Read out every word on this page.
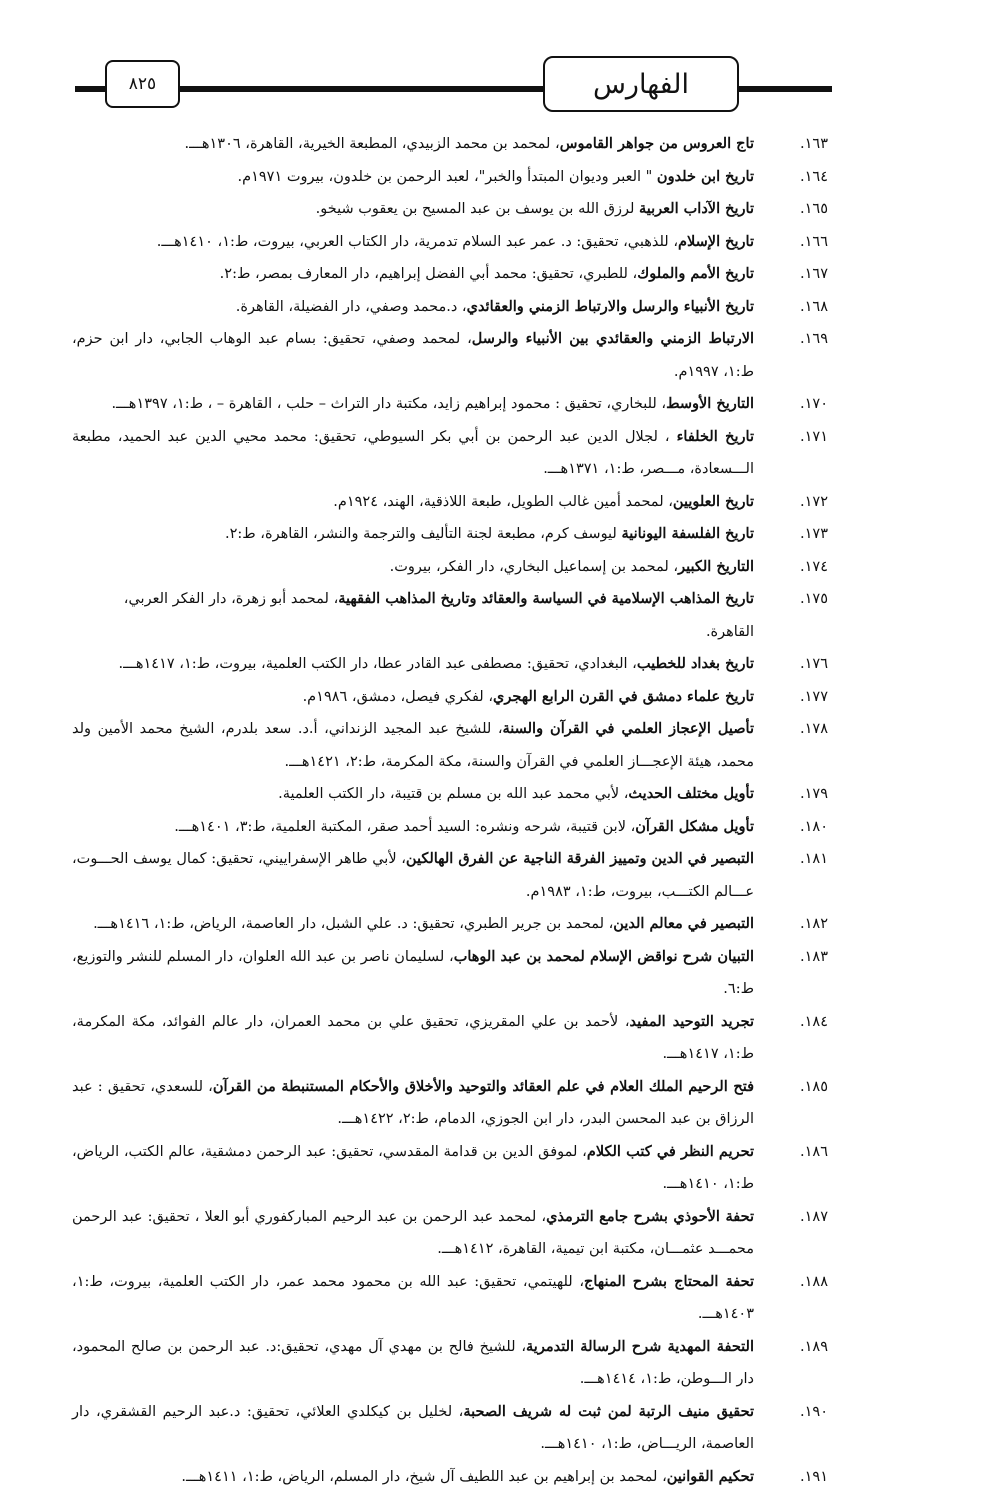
٨٢٥	الفهارس
١٦٣.
تاج العروس من جواهر القاموس، لمحمد بن محمد الزبيدي، المطبعة الخيرية، القاهرة، ١٣٠٦هـــ.
١٦٤.
تاريخ ابن خلدون " العبر وديوان المبتدأ والخبر"، لعبد الرحمن بن خلدون، بيروت ١٩٧١م.
١٦٥.
تاريخ الآداب العربية لرزق الله بن يوسف بن عبد المسيح بن يعقوب شيخو.
١٦٦.
تاريخ الإسلام، للذهبي، تحقيق: د. عمر عبد السلام تدمرية، دار الكتاب العربي، بيروت، ط:١، ١٤١٠هـــ.
١٦٧.
تاريخ الأمم والملوك، للطبري، تحقيق: محمد أبي الفضل إبراهيم، دار المعارف بمصر، ط:٢.
١٦٨.
تاريخ الأنبياء والرسل والارتباط الزمني والعقائدي، د.محمد وصفي، دار الفضيلة، القاهرة.
١٦٩.
الارتباط الزمني والعقائدي بين الأنبياء والرسل، لمحمد وصفي، تحقيق: بسام عبد الوهاب الجابي، دار ابن حزم، ط:١، ١٩٩٧م.
١٧٠.
التاريخ الأوسط، للبخاري، تحقيق : محمود إبراهيم زايد، مكتبة دار التراث – حلب ، القاهرة – ، ط:١، ١٣٩٧هـــ.
١٧١.
تاريخ الخلفاء ، لجلال الدين عبد الرحمن بن أبي بكر السيوطي، تحقيق: محمد محيي الدين عبد الحميد، مطبعة الـــسعادة، مـــصر، ط:١، ١٣٧١هـــ.
١٧٢.
تاريخ العلويين، لمحمد أمين غالب الطويل، طبعة اللاذقية، الهند، ١٩٢٤م.
١٧٣.
تاريخ الفلسفة اليونانية ليوسف كرم، مطبعة لجنة التأليف والترجمة والنشر، القاهرة، ط:٢.
١٧٤.
التاريخ الكبير، لمحمد بن إسماعيل البخاري، دار الفكر، بيروت.
١٧٥.
تاريخ المذاهب الإسلامية في السياسة والعقائد وتاريخ المذاهب الفقهية، لمحمد أبو زهرة، دار الفكر العربي، القاهرة.
١٧٦.
تاريخ بغداد للخطيب، البغدادي، تحقيق: مصطفى عبد القادر عطا، دار الكتب العلمية، بيروت، ط:١، ١٤١٧هـــ.
١٧٧.
تاريخ علماء دمشق في القرن الرابع الهجري، لفكري فيصل، دمشق، ١٩٨٦م.
١٧٨.
تأصيل الإعجاز العلمي في القرآن والسنة، للشيخ عبد المجيد الزنداني، أ.د. سعد بلدرم، الشيخ محمد الأمين ولد محمد، هيئة الإعجـــاز العلمي في القرآن والسنة، مكة المكرمة، ط:٢، ١٤٢١هـــ.
١٧٩.
تأويل مختلف الحديث، لأبي محمد عبد الله بن مسلم بن قتيبة، دار الكتب العلمية.
١٨٠.
تأويل مشكل القرآن، لابن قتيبة، شرحه ونشره: السيد أحمد صقر، المكتبة العلمية، ط:٣، ١٤٠١هـــ.
١٨١.
التبصير في الدين وتمييز الفرقة الناجية عن الفرق الهالكين، لأبي طاهر الإسفراييني، تحقيق: كمال يوسف الحـــوت، عـــالم الكتـــب، بيروت، ط:١، ١٩٨٣م.
١٨٢.
التبصير في معالم الدين، لمحمد بن جرير الطبري، تحقيق: د. علي الشبل، دار العاصمة، الرياض، ط:١، ١٤١٦هـــ.
١٨٣.
التبيان شرح نواقض الإسلام لمحمد بن عبد الوهاب، لسليمان ناصر بن عبد الله العلوان، دار المسلم للنشر والتوزيع، ط:٦.
١٨٤.
تجريد التوحيد المفيد، لأحمد بن علي المقريزي، تحقيق علي بن محمد العمران، دار عالم الفوائد، مكة المكرمة، ط:١، ١٤١٧هـــ.
١٨٥.
فتح الرحيم الملك العلام في علم العقائد والتوحيد والأخلاق والأحكام المستنبطة من القرآن، للسعدي، تحقيق : عبد الرزاق بن عبد المحسن البدر، دار ابن الجوزي، الدمام، ط:٢، ١٤٢٢هـــ.
١٨٦.
تحريم النظر في كتب الكلام، لموفق الدين بن قدامة المقدسي، تحقيق: عبد الرحمن دمشقية، عالم الكتب، الرياض، ط:١، ١٤١٠هـــ.
١٨٧.
تحفة الأحوذي بشرح جامع الترمذي، لمحمد عبد الرحمن بن عبد الرحيم المباركفوري أبو العلا ، تحقيق: عبد الرحمن محمـــد عثمـــان، مكتبة ابن تيمية، القاهرة، ١٤١٢هـــ.
١٨٨.
تحفة المحتاج بشرح المنهاج، للهيتمي، تحقيق: عبد الله بن محمود محمد عمر، دار الكتب العلمية، بيروت، ط:١، ١٤٠٣هـــ.
١٨٩.
التحفة المهدية شرح الرسالة التدمرية، للشيخ فالح بن مهدي آل مهدي، تحقيق:د. عبد الرحمن بن صالح المحمود، دار الـــوطن، ط:١، ١٤١٤هـــ.
١٩٠.
تحقيق منيف الرتبة لمن ثبت له شريف الصحبة، لخليل بن كيكلدي العلائي، تحقيق: د.عبد الرحيم القشقري، دار العاصمة، الريـــاض، ط:١، ١٤١٠هـــ.
١٩١.
تحكيم القوانين، لمحمد بن إبراهيم بن عبد اللطيف آل شيخ، دار المسلم، الرياض، ط:١، ١٤١١هـــ.
